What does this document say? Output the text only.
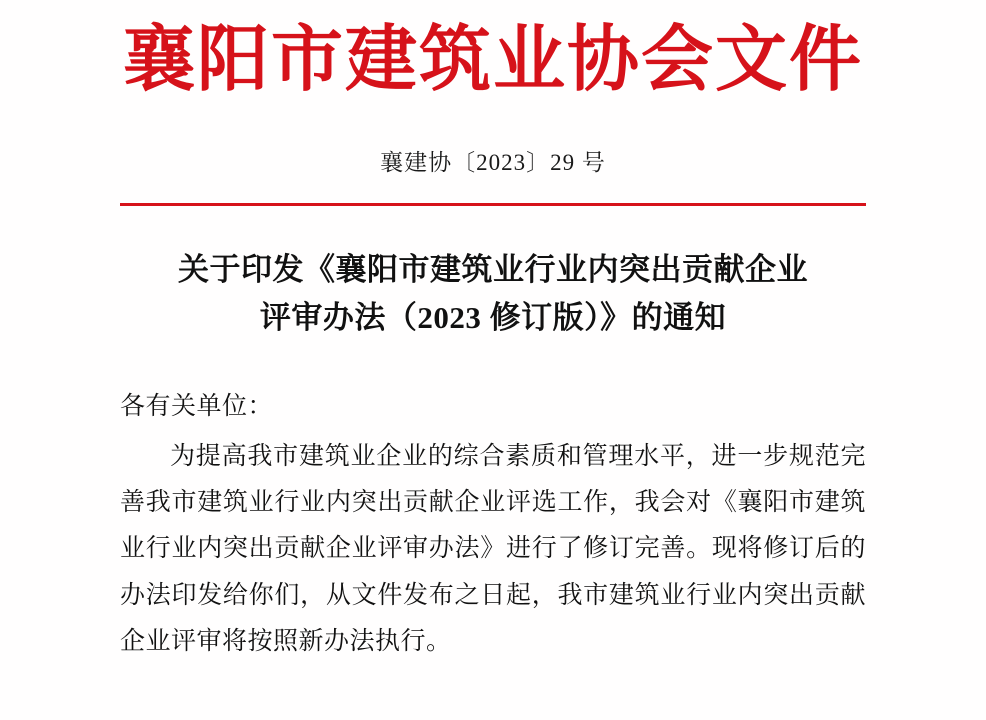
襄阳市建筑业协会文件
襄建协〔2023〕29 号
关于印发《襄阳市建筑业行业内突出贡献企业
评审办法（2023 修订版）》的通知
各有关单位：

为提高我市建筑业企业的综合素质和管理水平，进一步规范完善我市建筑业行业内突出贡献企业评选工作，我会对《襄阳市建筑业行业内突出贡献企业评审办法》进行了修订完善。现将修订后的办法印发给你们，从文件发布之日起，我市建筑业行业内突出贡献企业评审将按照新办法执行。
